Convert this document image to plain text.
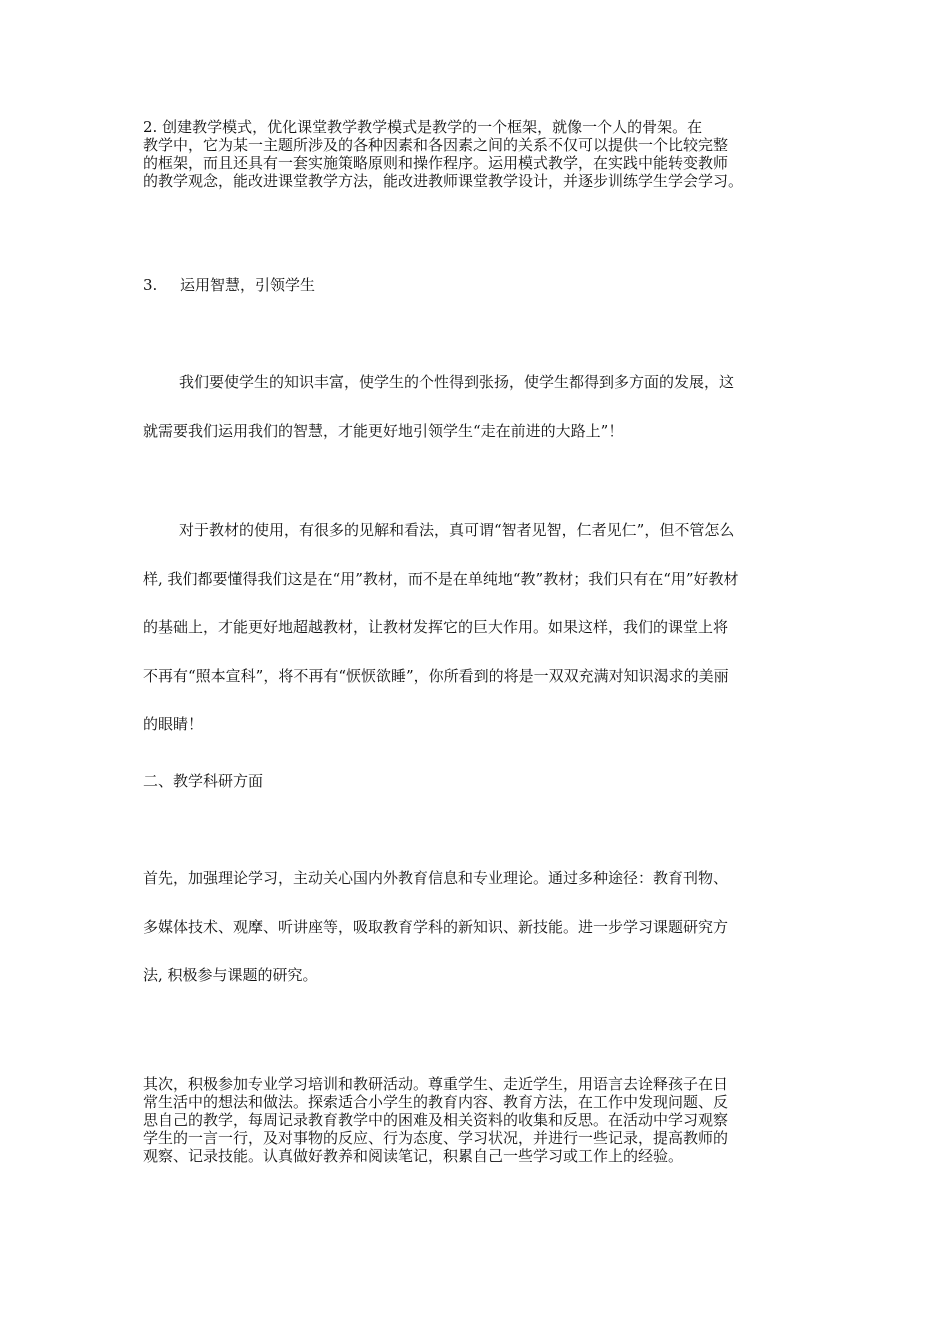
2. 创建教学模式，优化课堂教学教学模式是教学的一个框架，就像一个人的骨架。在
教学中，它为某一主题所涉及的各种因素和各因素之间的关系不仅可以提供一个比较完整
的框架，而且还具有一套实施策略原则和操作程序。运用模式教学，在实践中能转变教师
的教学观念，能改进课堂教学方法，能改进教师课堂教学设计，并逐步训练学生学会学习。
3. 运用智慧，引领学生
我们要使学生的知识丰富，使学生的个性得到张扬，使学生都得到多方面的发展，这
就需要我们运用我们的智慧，才能更好地引领学生“走在前进的大路上”！
对于教材的使用，有很多的见解和看法，真可谓“智者见智，仁者见仁”，但不管怎么
样, 我们都要懂得我们这是在“用”教材，而不是在单纯地“教”教材；我们只有在“用”好教材
的基础上，才能更好地超越教材，让教材发挥它的巨大作用。如果这样，我们的课堂上将
不再有“照本宣科”，将不再有“恹恹欲睡”，你所看到的将是一双双充满对知识渴求的美丽
的眼睛！
二、教学科研方面
首先，加强理论学习，主动关心国内外教育信息和专业理论。通过多种途径：教育刊物、
多媒体技术、观摩、听讲座等，吸取教育学科的新知识、新技能。进一步学习课题研究方
法, 积极参与课题的研究。
其次，积极参加专业学习培训和教研活动。尊重学生、走近学生，用语言去诠释孩子在日
常生活中的想法和做法。探索适合小学生的教育内容、教育方法，在工作中发现问题、反
思自己的教学，每周记录教育教学中的困难及相关资料的收集和反思。在活动中学习观察
学生的一言一行，及对事物的反应、行为态度、学习状况，并进行一些记录，提高教师的
观察、记录技能。认真做好教养和阅读笔记，积累自己一些学习或工作上的经验。
